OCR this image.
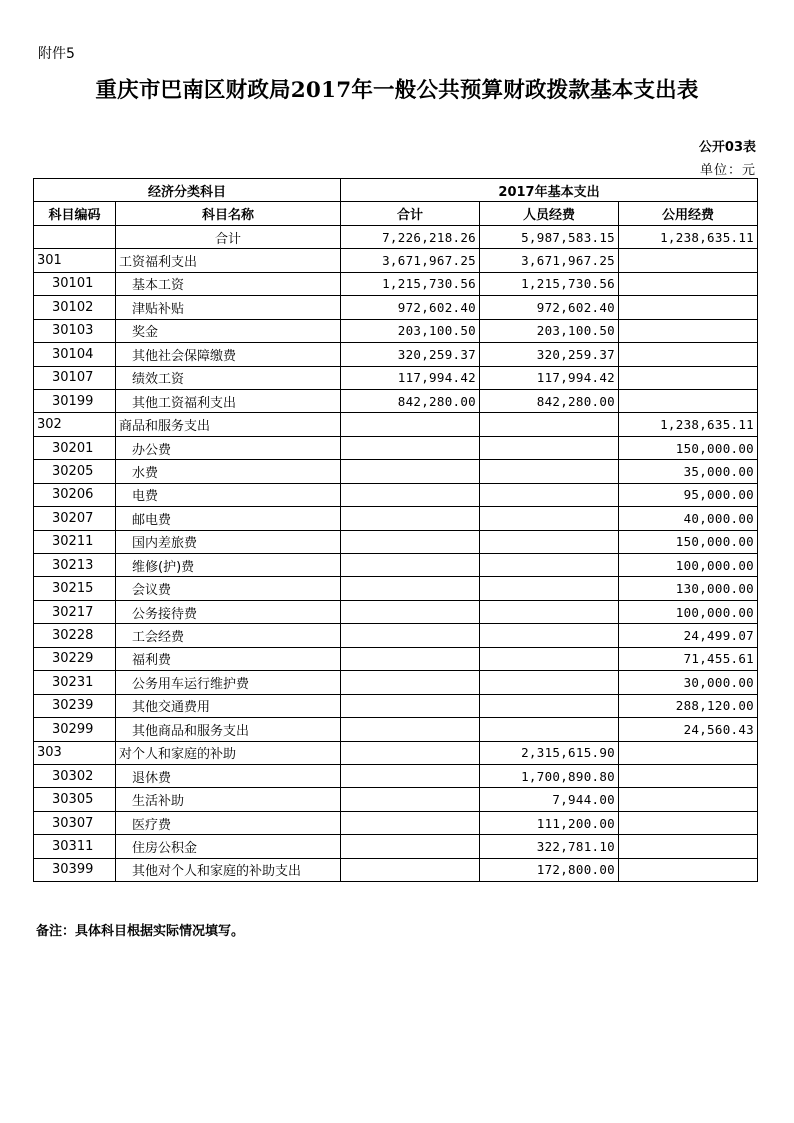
附件5
重庆市巴南区财政局2017年一般公共预算财政拨款基本支出表
公开03表
单位：元
经济分类科目		2017年基本支出		
科目编码	科目名称	合计	人员经费	公用经费
	合计	7,226,218.26	5,987,583.15	1,238,635.11
301	工资福利支出	3,671,967.25	3,671,967.25	
30101	基本工资	1,215,730.56	1,215,730.56	
30102	津贴补贴	972,602.40	972,602.40	
30103	奖金	203,100.50	203,100.50	
30104	其他社会保障缴费	320,259.37	320,259.37	
30107	绩效工资	117,994.42	117,994.42	
30199	其他工资福利支出	842,280.00	842,280.00	
302	商品和服务支出			1,238,635.11
30201	办公费			150,000.00
30205	水费			35,000.00
30206	电费			95,000.00
30207	邮电费			40,000.00
30211	国内差旅费			150,000.00
30213	维修(护)费			100,000.00
30215	会议费			130,000.00
30217	公务接待费			100,000.00
30228	工会经费			24,499.07
30229	福利费			71,455.61
30231	公务用车运行维护费			30,000.00
30239	其他交通费用			288,120.00
30299	其他商品和服务支出			24,560.43
303	对个人和家庭的补助		2,315,615.90	
30302	退休费		1,700,890.80	
30305	生活补助		7,944.00	
30307	医疗费		111,200.00	
30311	住房公积金		322,781.10	
30399	其他对个人和家庭的补助支出		172,800.00	
备注：具体科目根据实际情况填写。
